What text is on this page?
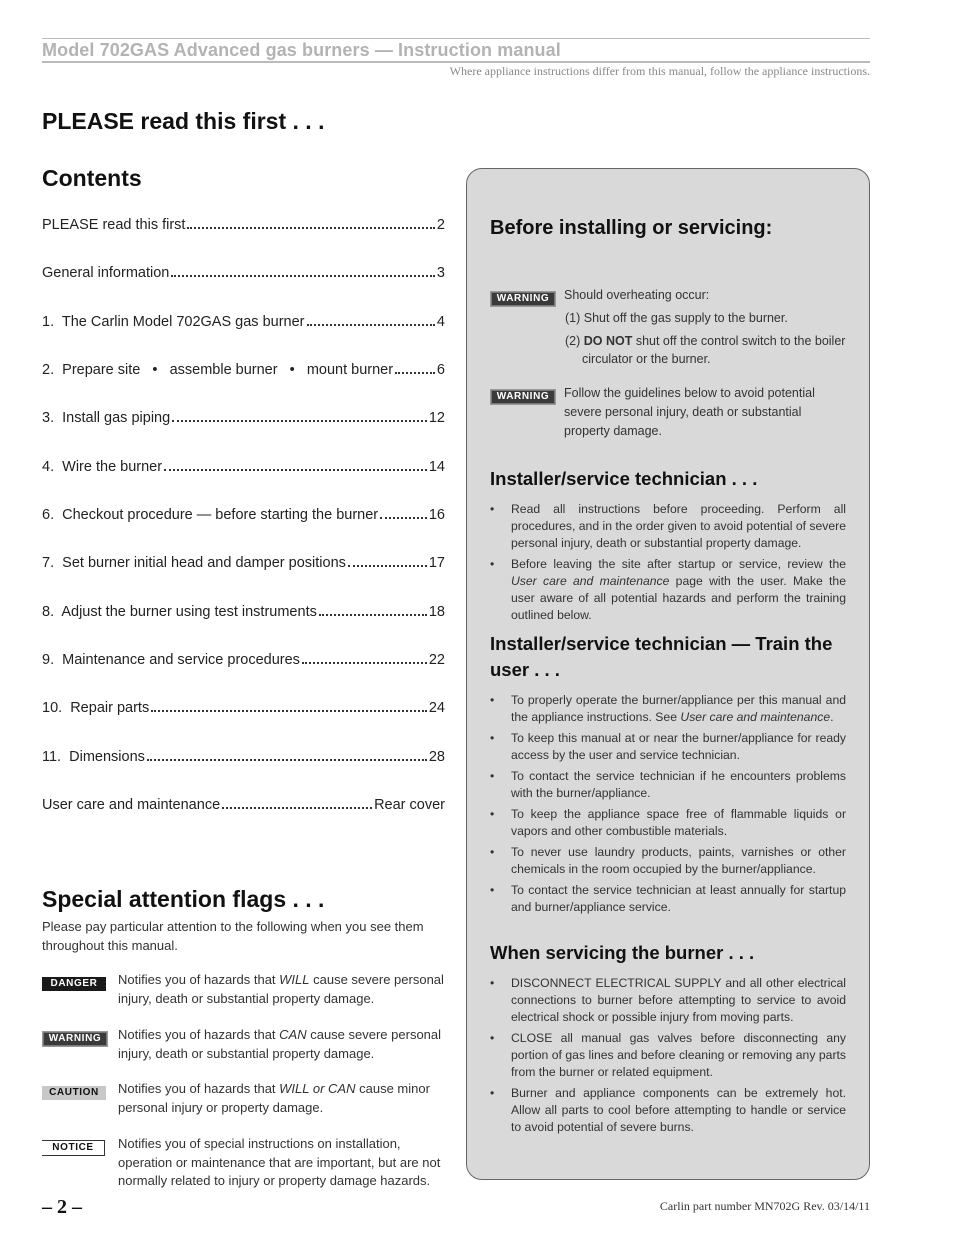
Model 702GAS Advanced gas burners — Instruction manual
Where appliance instructions differ from this manual, follow the appliance instructions.
PLEASE read this first . . .
Contents
PLEASE read this first	2
General information	3
1.  The Carlin Model 702GAS gas burner	4
2.  Prepare site   •   assemble burner   •   mount burner	6
3.  Install gas piping	12
4.  Wire the burner	14
6.  Checkout procedure — before starting the burner	16
7.  Set burner initial head and damper positions	17
8.  Adjust the burner using test instruments	18
9.  Maintenance and service procedures	22
10.  Repair parts	24
11.  Dimensions	28
User care and maintenance	Rear cover
Special attention flags . . .
Please pay particular attention to the following when you see them throughout this manual.
DANGER	Notifies you of hazards that WILL cause severe personal injury, death or substantial property damage.
WARNING	Notifies you of hazards that CAN cause severe personal injury, death or substantial property damage.
CAUTION	Notifies you of hazards that WILL or CAN cause minor personal injury or property damage.
NOTICE	Notifies you of special instructions on installation, operation or maintenance that are important, but are not normally related to injury or property damage hazards.
Before installing or servicing:
WARNING	Should overheating occur:
(1) Shut off the gas supply to the burner.
(2) DO NOT shut off the control switch to the boiler circulator or the burner.
WARNING	Follow the guidelines below to avoid potential severe personal injury, death or substantial property damage.
Installer/service technician . . .
• Read all instructions before proceeding. Perform all procedures, and in the order given to avoid potential of severe personal injury, death or substantial property damage.
• Before leaving the site after startup or service, review the User care and maintenance page with the user. Make the user aware of all potential hazards and perform the training outlined below.
Installer/service technician — Train the user . . .
• To properly operate the burner/appliance per this manual and the appliance instructions. See User care and maintenance.
• To keep this manual at or near the burner/appliance for ready access by the user and service technician.
• To contact the service technician if he encounters problems with the burner/appliance.
• To keep the appliance space free of flammable liquids or vapors and other combustible materials.
• To never use laundry products, paints, varnishes or other chemicals in the room occupied by the burner/appliance.
• To contact the service technician at least annually for startup and burner/appliance service.
When servicing the burner . . .
• DISCONNECT ELECTRICAL SUPPLY and all other electrical connections to burner before attempting to service to avoid electrical shock or possible injury from moving parts.
• CLOSE all manual gas valves before disconnecting any portion of gas lines and before cleaning or removing any parts from the burner or related equipment.
• Burner and appliance components can be extremely hot. Allow all parts to cool before attempting to handle or service to avoid potential of severe burns.
– 2 –	Carlin part number MN702G Rev. 03/14/11
